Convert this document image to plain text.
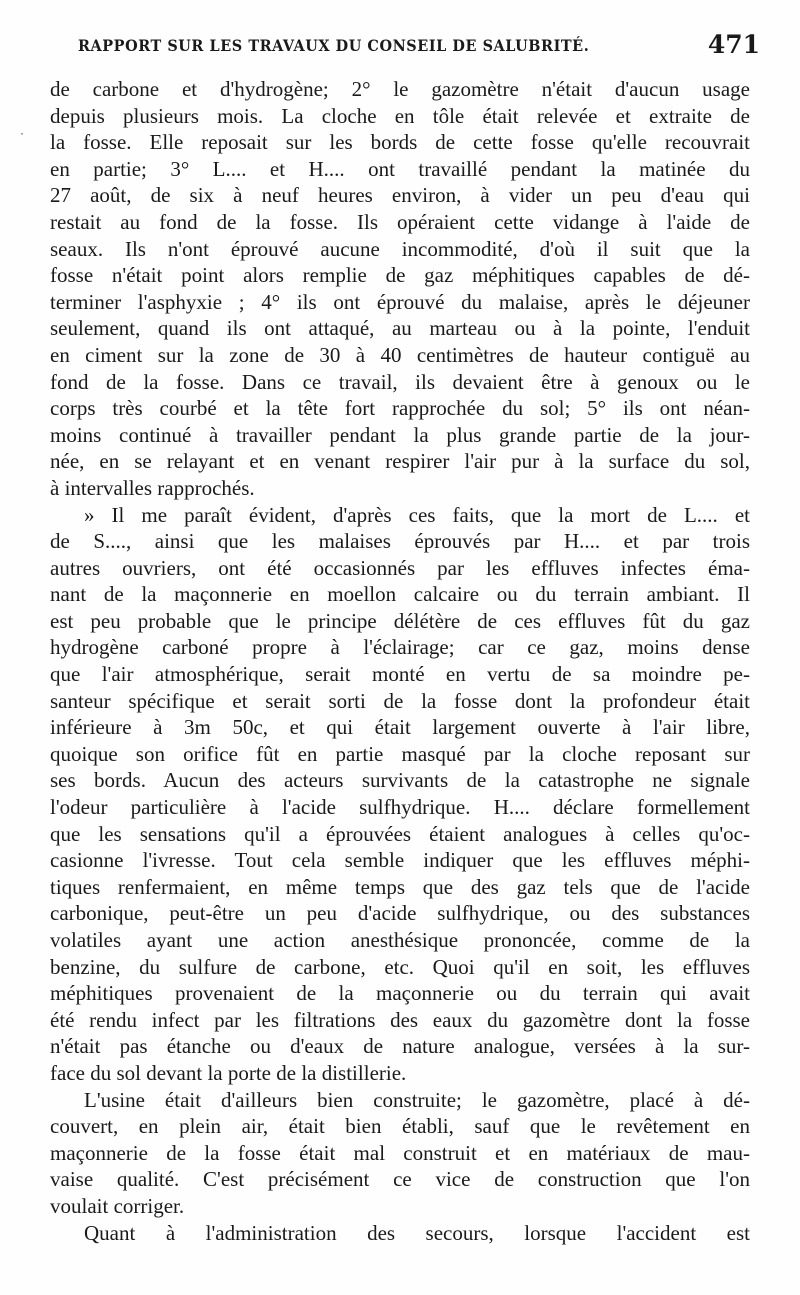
RAPPORT SUR LES TRAVAUX DU CONSEIL DE SALUBRITÉ.	471
·
de carbone et d'hydrogène; 2° le gazomètre n'était d'aucun usage
depuis plusieurs mois. La cloche en tôle était relevée et extraite de
la fosse. Elle reposait sur les bords de cette fosse qu'elle recouvrait
en partie; 3° L.... et H.... ont travaillé pendant la matinée du
27 août, de six à neuf heures environ, à vider un peu d'eau qui
restait au fond de la fosse. Ils opéraient cette vidange à l'aide de
seaux. Ils n'ont éprouvé aucune incommodité, d'où il suit que la
fosse n'était point alors remplie de gaz méphitiques capables de dé-
terminer l'asphyxie ; 4° ils ont éprouvé du malaise, après le déjeuner
seulement, quand ils ont attaqué, au marteau ou à la pointe, l'enduit
en ciment sur la zone de 30 à 40 centimètres de hauteur contiguë au
fond de la fosse. Dans ce travail, ils devaient être à genoux ou le
corps très courbé et la tête fort rapprochée du sol; 5° ils ont néan-
moins continué à travailler pendant la plus grande partie de la jour-
née, en se relayant et en venant respirer l'air pur à la surface du sol,
à intervalles rapprochés.
» Il me paraît évident, d'après ces faits, que la mort de L.... et
de S...., ainsi que les malaises éprouvés par H.... et par trois
autres ouvriers, ont été occasionnés par les effluves infectes éma-
nant de la maçonnerie en moellon calcaire ou du terrain ambiant. Il
est peu probable que le principe délétère de ces effluves fût du gaz
hydrogène carboné propre à l'éclairage; car ce gaz, moins dense
que l'air atmosphérique, serait monté en vertu de sa moindre pe-
santeur spécifique et serait sorti de la fosse dont la profondeur était
inférieure à 3m 50c, et qui était largement ouverte à l'air libre,
quoique son orifice fût en partie masqué par la cloche reposant sur
ses bords. Aucun des acteurs survivants de la catastrophe ne signale
l'odeur particulière à l'acide sulfhydrique. H.... déclare formellement
que les sensations qu'il a éprouvées étaient analogues à celles qu'oc-
casionne l'ivresse. Tout cela semble indiquer que les effluves méphi-
tiques renfermaient, en même temps que des gaz tels que de l'acide
carbonique, peut-être un peu d'acide sulfhydrique, ou des substances
volatiles ayant une action anesthésique prononcée, comme de la
benzine, du sulfure de carbone, etc. Quoi qu'il en soit, les effluves
méphitiques provenaient de la maçonnerie ou du terrain qui avait
été rendu infect par les filtrations des eaux du gazomètre dont la fosse
n'était pas étanche ou d'eaux de nature analogue, versées à la sur-
face du sol devant la porte de la distillerie.
L'usine était d'ailleurs bien construite; le gazomètre, placé à dé-
couvert, en plein air, était bien établi, sauf que le revêtement en
maçonnerie de la fosse était mal construit et en matériaux de mau-
vaise qualité. C'est précisément ce vice de construction que l'on
voulait corriger.
Quant à l'administration des secours, lorsque l'accident est
